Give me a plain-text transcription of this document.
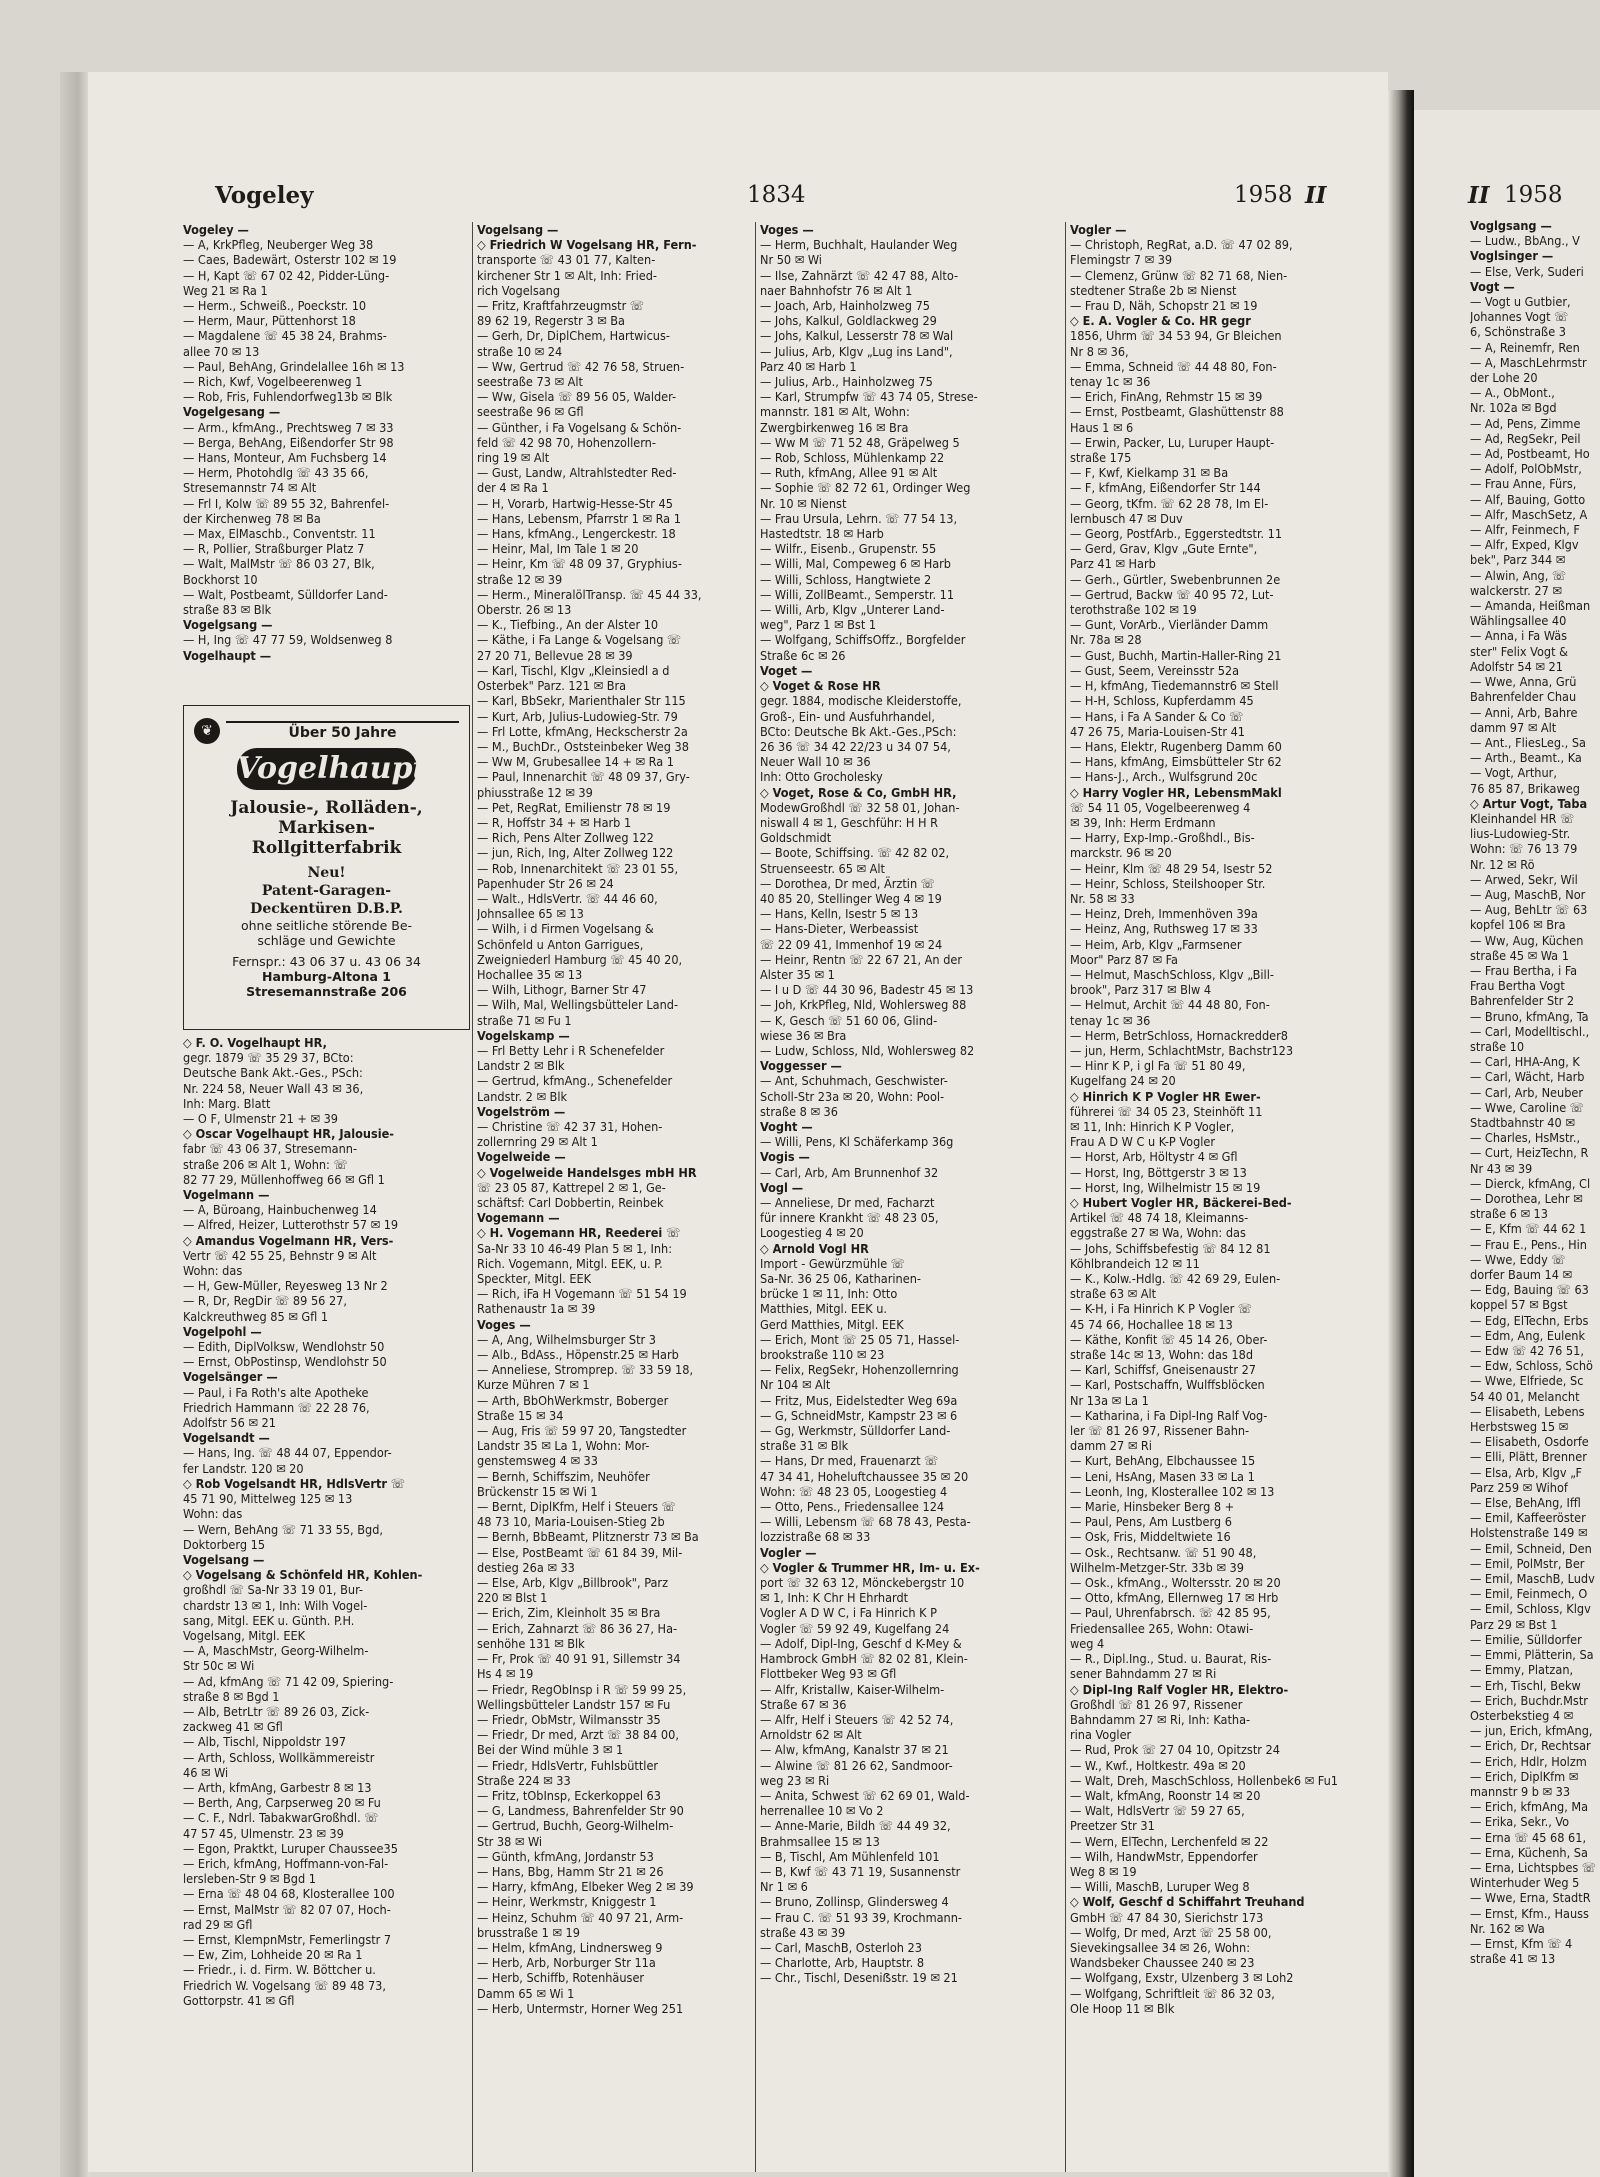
Vogeley	1834	1958 II	II 1958
Vogeley —
— A, KrkPfleg, Neuberger Weg 38
— Caes, Badewärt, Osterstr 102 ✉ 19
— H, Kapt ☏ 67 02 42, Pidder-Lüng-
Weg 21 ✉ Ra 1
— Herm., Schweiß., Poeckstr. 10
— Herm, Maur, Püttenhorst 18
— Magdalene ☏ 45 38 24, Brahms-
allee 70 ✉ 13
— Paul, BehAng, Grindelallee 16h ✉ 13
— Rich, Kwf, Vogelbeerenweg 1
— Rob, Fris, Fuhlendorfweg13b ✉ Blk
Vogelgesang —
— Arm., kfmAng., Prechtsweg 7 ✉ 33
— Berga, BehAng, Eißendorfer Str 98
— Hans, Monteur, Am Fuchsberg 14
— Herm, Photohdlg ☏ 43 35 66,
Stresemannstr 74 ✉ Alt
— Frl I, Kolw ☏ 89 55 32, Bahrenfel-
der Kirchenweg 78 ✉ Ba
— Max, ElMaschb., Conventstr. 11
— R, Pollier, Straßburger Platz 7
— Walt, MalMstr ☏ 86 03 27, Blk,
Bockhorst 10
— Walt, Postbeamt, Sülldorfer Land-
straße 83 ✉ Blk
Vogelgsang —
— H, Ing ☏ 47 77 59, Woldsenweg 8
Vogelhaupt —
◇ F. O. Vogelhaupt HR,
gegr. 1879 ☏ 35 29 37, BCto:
Deutsche Bank Akt.-Ges., PSch:
Nr. 224 58, Neuer Wall 43 ✉ 36,
Inh: Marg. Blatt
— O F, Ulmenstr 21 + ✉ 39
◇ Oscar Vogelhaupt HR, Jalousie-
fabr ☏ 43 06 37, Stresemann-
straße 206 ✉ Alt 1, Wohn: ☏
82 77 29, Müllenhoffweg 66 ✉ Gfl 1
Vogelmann —
— A, Büroang, Hainbuchenweg 14
— Alfred, Heizer, Lutterothstr 57 ✉ 19
◇ Amandus Vogelmann HR, Vers-
Vertr ☏ 42 55 25, Behnstr 9 ✉ Alt
Wohn: das
— H, Gew-Müller, Reyesweg 13 Nr 2
— R, Dr, RegDir ☏ 89 56 27,
Kalckreuthweg 85 ✉ Gfl 1
Vogelpohl —
— Edith, DiplVolksw, Wendlohstr 50
— Ernst, ObPostinsp, Wendlohstr 50
Vogelsänger —
— Paul, i Fa Roth's alte Apotheke
Friedrich Hammann ☏ 22 28 76,
Adolfstr 56 ✉ 21
Vogelsandt —
— Hans, Ing. ☏ 48 44 07, Eppendor-
fer Landstr. 120 ✉ 20
◇ Rob Vogelsandt HR, HdlsVertr ☏
45 71 90, Mittelweg 125 ✉ 13
Wohn: das
— Wern, BehAng ☏ 71 33 55, Bgd,
Doktorberg 15
Vogelsang —
◇ Vogelsang & Schönfeld HR, Kohlen-
großhdl ☏ Sa-Nr 33 19 01, Bur-
chardstr 13 ✉ 1, Inh: Wilh Vogel-
sang, Mitgl. EEK u. Günth. P.H.
Vogelsang, Mitgl. EEK
— A, MaschMstr, Georg-Wilhelm-
Str 50c ✉ Wi
— Ad, kfmAng ☏ 71 42 09, Spiering-
straße 8 ✉ Bgd 1
— Alb, BetrLtr ☏ 89 26 03, Zick-
zackweg 41 ✉ Gfl
— Alb, Tischl, Nippoldstr 197
— Arth, Schloss, Wollkämmereistr
46 ✉ Wi
— Arth, kfmAng, Garbestr 8 ✉ 13
— Berth, Ang, Carpserweg 20 ✉ Fu
— C. F., Ndrl. TabakwarGroßhdl. ☏
47 57 45, Ulmenstr. 23 ✉ 39
— Egon, Praktkt, Luruper Chaussee35
— Erich, kfmAng, Hoffmann-von-Fal-
lersleben-Str 9 ✉ Bgd 1
— Erna ☏ 48 04 68, Klosterallee 100
— Ernst, MalMstr ☏ 82 07 07, Hoch-
rad 29 ✉ Gfl
— Ernst, KlempnMstr, Femerlingstr 7
— Ew, Zim, Lohheide 20 ✉ Ra 1
— Friedr., i. d. Firm. W. Böttcher u.
Friedrich W. Vogelsang ☏ 89 48 73,
Gottorpstr. 41 ✉ Gfl
Vogelsang —
◇ Friedrich W Vogelsang HR, Fern-
transporte ☏ 43 01 77, Kalten-
kirchener Str 1 ✉ Alt, Inh: Fried-
rich Vogelsang
— Fritz, Kraftfahrzeugmstr ☏
89 62 19, Regerstr 3 ✉ Ba
— Gerh, Dr, DiplChem, Hartwicus-
straße 10 ✉ 24
— Ww, Gertrud ☏ 42 76 58, Struen-
seestraße 73 ✉ Alt
— Ww, Gisela ☏ 89 56 05, Walder-
seestraße 96 ✉ Gfl
— Günther, i Fa Vogelsang & Schön-
feld ☏ 42 98 70, Hohenzollern-
ring 19 ✉ Alt
— Gust, Landw, Altrahlstedter Red-
der 4 ✉ Ra 1
— H, Vorarb, Hartwig-Hesse-Str 45
— Hans, Lebensm, Pfarrstr 1 ✉ Ra 1
— Hans, kfmAng., Lengerckestr. 18
— Heinr, Mal, Im Tale 1 ✉ 20
— Heinr, Km ☏ 48 09 37, Gryphius-
straße 12 ✉ 39
— Herm., MineralölTransp. ☏ 45 44 33,
Oberstr. 26 ✉ 13
— K., Tiefbing., An der Alster 10
— Käthe, i Fa Lange & Vogelsang ☏
27 20 71, Bellevue 28 ✉ 39
— Karl, Tischl, Klgv „Kleinsiedl a d
Osterbek" Parz. 121 ✉ Bra
— Karl, BbSekr, Marienthaler Str 115
— Kurt, Arb, Julius-Ludowieg-Str. 79
— Frl Lotte, kfmAng, Heckscherstr 2a
— M., BuchDr., Oststeinbeker Weg 38
— Ww M, Grubesallee 14 + ✉ Ra 1
— Paul, Innenarchit ☏ 48 09 37, Gry-
phiusstraße 12 ✉ 39
— Pet, RegRat, Emilienstr 78 ✉ 19
— R, Hoffstr 34 + ✉ Harb 1
— Rich, Pens Alter Zollweg 122
— jun, Rich, Ing, Alter Zollweg 122
— Rob, Innenarchitekt ☏ 23 01 55,
Papenhuder Str 26 ✉ 24
— Walt., HdlsVertr. ☏ 44 46 60,
Johnsallee 65 ✉ 13
— Wilh, i d Firmen Vogelsang &
Schönfeld u Anton Garrigues,
Zweigniederl Hamburg ☏ 45 40 20,
Hochallee 35 ✉ 13
— Wilh, Lithogr, Barner Str 47
— Wilh, Mal, Wellingsbütteler Land-
straße 71 ✉ Fu 1
Vogelskamp —
— Frl Betty Lehr i R Schenefelder
Landstr 2 ✉ Blk
— Gertrud, kfmAng., Schenefelder
Landstr. 2 ✉ Blk
Vogelström —
— Christine ☏ 42 37 31, Hohen-
zollernring 29 ✉ Alt 1
Vogelweide —
◇ Vogelweide Handelsges mbH HR
☏ 23 05 87, Kattrepel 2 ✉ 1, Ge-
schäftsf: Carl Dobbertin, Reinbek
Vogemann —
◇ H. Vogemann HR, Reederei ☏
Sa-Nr 33 10 46-49 Plan 5 ✉ 1, Inh:
Rich. Vogemann, Mitgl. EEK, u. P.
Speckter, Mitgl. EEK
— Rich, iFa H Vogemann ☏ 51 54 19
Rathenaustr 1a ✉ 39
Voges —
— A, Ang, Wilhelmsburger Str 3
— Alb., BdAss., Höpenstr.25 ✉ Harb
— Anneliese, Stromprep. ☏ 33 59 18,
Kurze Mühren 7 ✉ 1
— Arth, BbOhWerkmstr, Boberger
Straße 15 ✉ 34
— Aug, Fris ☏ 59 97 20, Tangstedter
Landstr 35 ✉ La 1, Wohn: Mor-
genstemsweg 4 ✉ 33
— Bernh, Schiffszim, Neuhöfer
Brückenstr 15 ✉ Wi 1
— Bernt, DiplKfm, Helf i Steuers ☏
48 73 10, Maria-Louisen-Stieg 2b
— Bernh, BbBeamt, Plitznerstr 73 ✉ Ba
— Else, PostBeamt ☏ 61 84 39, Mil-
destieg 26a ✉ 33
— Else, Arb, Klgv „Billbrook", Parz
220 ✉ Blst 1
— Erich, Zim, Kleinholt 35 ✉ Bra
— Erich, Zahnarzt ☏ 86 36 27, Ha-
senhöhe 131 ✉ Blk
— Fr, Prok ☏ 40 91 91, Sillemstr 34
Hs 4 ✉ 19
— Friedr, RegObInsp i R ☏ 59 99 25,
Wellingsbütteler Landstr 157 ✉ Fu
— Friedr, ObMstr, Wilmansstr 35
— Friedr, Dr med, Arzt ☏ 38 84 00,
Bei der Wind mühle 3 ✉ 1
— Friedr, HdlsVertr, Fuhlsbüttler
Straße 224 ✉ 33
— Fritz, tObInsp, Eckerkoppel 63
— G, Landmess, Bahrenfelder Str 90
— Gertrud, Buchh, Georg-Wilhelm-
Str 38 ✉ Wi
— Günth, kfmAng, Jordanstr 53
— Hans, Bbg, Hamm Str 21 ✉ 26
— Harry, kfmAng, Elbeker Weg 2 ✉ 39
— Heinr, Werkmstr, Kniggestr 1
— Heinz, Schuhm ☏ 40 97 21, Arm-
brusstraße 1 ✉ 19
— Helm, kfmAng, Lindnersweg 9
— Herb, Arb, Norburger Str 11a
— Herb, Schiffb, Rotenhäuser
Damm 65 ✉ Wi 1
— Herb, Untermstr, Horner Weg 251
Voges —
— Herm, Buchhalt, Haulander Weg
Nr 50 ✉ Wi
— Ilse, Zahnärzt ☏ 42 47 88, Alto-
naer Bahnhofstr 76 ✉ Alt 1
— Joach, Arb, Hainholzweg 75
— Johs, Kalkul, Goldlackweg 29
— Johs, Kalkul, Lesserstr 78 ✉ Wal
— Julius, Arb, Klgv „Lug ins Land",
Parz 40 ✉ Harb 1
— Julius, Arb., Hainholzweg 75
— Karl, Strumpfw ☏ 43 74 05, Strese-
mannstr. 181 ✉ Alt, Wohn:
Zwergbirkenweg 16 ✉ Bra
— Ww M ☏ 71 52 48, Gräpelweg 5
— Rob, Schloss, Mühlenkamp 22
— Ruth, kfmAng, Allee 91 ✉ Alt
— Sophie ☏ 82 72 61, Ordinger Weg
Nr. 10 ✉ Nienst
— Frau Ursula, Lehrn. ☏ 77 54 13,
Hastedtstr. 18 ✉ Harb
— Wilfr., Eisenb., Grupenstr. 55
— Willi, Mal, Compeweg 6 ✉ Harb
— Willi, Schloss, Hangtwiete 2
— Willi, ZollBeamt., Semperstr. 11
— Willi, Arb, Klgv „Unterer Land-
weg", Parz 1 ✉ Bst 1
— Wolfgang, SchiffsOffz., Borgfelder
Straße 6c ✉ 26
Voget —
◇ Voget & Rose HR
gegr. 1884, modische Kleiderstoffe,
Groß-, Ein- und Ausfuhrhandel,
BCto: Deutsche Bk Akt.-Ges.,PSch:
26 36 ☏ 34 42 22/23 u 34 07 54,
Neuer Wall 10 ✉ 36
Inh: Otto Grocholesky
◇ Voget, Rose & Co, GmbH HR,
ModewGroßhdl ☏ 32 58 01, Johan-
niswall 4 ✉ 1, Geschführ: H H R
Goldschmidt
— Boote, Schiffsing. ☏ 42 82 02,
Struenseestr. 65 ✉ Alt
— Dorothea, Dr med, Ärztin ☏
40 85 20, Stellinger Weg 4 ✉ 19
— Hans, Kelln, Isestr 5 ✉ 13
— Hans-Dieter, Werbeassist
☏ 22 09 41, Immenhof 19 ✉ 24
— Heinr, Rentn ☏ 22 67 21, An der
Alster 35 ✉ 1
— I u D ☏ 44 30 96, Badestr 45 ✉ 13
— Joh, KrkPfleg, Nld, Wohlersweg 88
— K, Gesch ☏ 51 60 06, Glind-
wiese 36 ✉ Bra
— Ludw, Schloss, Nld, Wohlersweg 82
Voggesser —
— Ant, Schuhmach, Geschwister-
Scholl-Str 23a ✉ 20, Wohn: Pool-
straße 8 ✉ 36
Voght —
— Willi, Pens, Kl Schäferkamp 36g
Vogis —
— Carl, Arb, Am Brunnenhof 32
Vogl —
— Anneliese, Dr med, Facharzt
für innere Krankht ☏ 48 23 05,
Loogestieg 4 ✉ 20
◇ Arnold Vogl HR
Import - Gewürzmühle ☏
Sa-Nr. 36 25 06, Katharinen-
brücke 1 ✉ 11, Inh: Otto
Matthies, Mitgl. EEK u.
Gerd Matthies, Mitgl. EEK
— Erich, Mont ☏ 25 05 71, Hassel-
brookstraße 110 ✉ 23
— Felix, RegSekr, Hohenzollernring
Nr 104 ✉ Alt
— Fritz, Mus, Eidelstedter Weg 69a
— G, SchneidMstr, Kampstr 23 ✉ 6
— Gg, Werkmstr, Sülldorfer Land-
straße 31 ✉ Blk
— Hans, Dr med, Frauenarzt ☏
47 34 41, Hoheluftchaussee 35 ✉ 20
Wohn: ☏ 48 23 05, Loogestieg 4
— Otto, Pens., Friedensallee 124
— Willi, Lebensm ☏ 68 78 43, Pesta-
lozzistraße 68 ✉ 33
Vogler —
◇ Vogler & Trummer HR, Im- u. Ex-
port ☏ 32 63 12, Mönckebergstr 10
✉ 1, Inh: K Chr H Ehrhardt
Vogler A D W C, i Fa Hinrich K P
Vogler ☏ 59 92 49, Kugelfang 24
— Adolf, Dipl-Ing, Geschf d K-Mey &
Hambrock GmbH ☏ 82 02 81, Klein-
Flottbeker Weg 93 ✉ Gfl
— Alfr, Kristallw, Kaiser-Wilhelm-
Straße 67 ✉ 36
— Alfr, Helf i Steuers ☏ 42 52 74,
Arnoldstr 62 ✉ Alt
— Alw, kfmAng, Kanalstr 37 ✉ 21
— Alwine ☏ 81 26 62, Sandmoor-
weg 23 ✉ Ri
— Anita, Schwest ☏ 62 69 01, Wald-
herrenallee 10 ✉ Vo 2
— Anne-Marie, Bildh ☏ 44 49 32,
Brahmsallee 15 ✉ 13
— B, Tischl, Am Mühlenfeld 101
— B, Kwf ☏ 43 71 19, Susannenstr
Nr 1 ✉ 6
— Bruno, Zollinsp, Glindersweg 4
— Frau C. ☏ 51 93 39, Krochmann-
straße 43 ✉ 39
— Carl, MaschB, Osterloh 23
— Charlotte, Arb, Hauptstr. 8
— Chr., Tischl, Deseniẞstr. 19 ✉ 21
Vogler —
— Christoph, RegRat, a.D. ☏ 47 02 89,
Flemingstr 7 ✉ 39
— Clemenz, Grünw ☏ 82 71 68, Nien-
stedtener Straße 2b ✉ Nienst
— Frau D, Näh, Schopstr 21 ✉ 19
◇ E. A. Vogler & Co. HR gegr
1856, Uhrm ☏ 34 53 94, Gr Bleichen
Nr 8 ✉ 36,
— Emma, Schneid ☏ 44 48 80, Fon-
tenay 1c ✉ 36
— Erich, FinAng, Rehmstr 15 ✉ 39
— Ernst, Postbeamt, Glashüttenstr 88
Haus 1 ✉ 6
— Erwin, Packer, Lu, Luruper Haupt-
straße 175
— F, Kwf, Kielkamp 31 ✉ Ba
— F, kfmAng, Eißendorfer Str 144
— Georg, tKfm. ☏ 62 28 78, Im El-
lernbusch 47 ✉ Duv
— Georg, PostfArb., Eggerstedtstr. 11
— Gerd, Grav, Klgv „Gute Ernte",
Parz 41 ✉ Harb
— Gerh., Gürtler, Swebenbrunnen 2e
— Gertrud, Backw ☏ 40 95 72, Lut-
terothstraße 102 ✉ 19
— Gunt, VorArb., Vierländer Damm
Nr. 78a ✉ 28
— Gust, Buchh, Martin-Haller-Ring 21
— Gust, Seem, Vereinsstr 52a
— H, kfmAng, Tiedemannstr6 ✉ Stell
— H-H, Schloss, Kupferdamm 45
— Hans, i Fa A Sander & Co ☏
47 26 75, Maria-Louisen-Str 41
— Hans, Elektr, Rugenberg Damm 60
— Hans, kfmAng, Eimsbütteler Str 62
— Hans-J., Arch., Wulfsgrund 20c
◇ Harry Vogler HR, LebensmMakl
☏ 54 11 05, Vogelbeerenweg 4
✉ 39, Inh: Herm Erdmann
— Harry, Exp-Imp.-Großhdl., Bis-
marckstr. 96 ✉ 20
— Heinr, Klm ☏ 48 29 54, Isestr 52
— Heinr, Schloss, Steilshooper Str.
Nr. 58 ✉ 33
— Heinz, Dreh, Immenhöven 39a
— Heinz, Ang, Ruthsweg 17 ✉ 33
— Heim, Arb, Klgv „Farmsener
Moor" Parz 87 ✉ Fa
— Helmut, MaschSchloss, Klgv „Bill-
brook", Parz 317 ✉ Blw 4
— Helmut, Archit ☏ 44 48 80, Fon-
tenay 1c ✉ 36
— Herm, BetrSchloss, Hornackredder8
— jun, Herm, SchlachtMstr, Bachstr123
— Hinr K P, i gl Fa ☏ 51 80 49,
Kugelfang 24 ✉ 20
◇ Hinrich K P Vogler HR Ewer-
führerei ☏ 34 05 23, Steinhöft 11
✉ 11, Inh: Hinrich K P Vogler,
Frau A D W C u K-P Vogler
— Horst, Arb, Höltystr 4 ✉ Gfl
— Horst, Ing, Böttgerstr 3 ✉ 13
— Horst, Ing, Wilhelmistr 15 ✉ 19
◇ Hubert Vogler HR, Bäckerei-Bed-
Artikel ☏ 48 74 18, Kleimanns-
eggstraße 27 ✉ Wa, Wohn: das
— Johs, Schiffsbefestig ☏ 84 12 81
Köhlbrandeich 12 ✉ 11
— K., Kolw.-Hdlg. ☏ 42 69 29, Eulen-
straße 63 ✉ Alt
— K-H, i Fa Hinrich K P Vogler ☏
45 74 66, Hochallee 18 ✉ 13
— Käthe, Konfit ☏ 45 14 26, Ober-
straße 14c ✉ 13, Wohn: das 18d
— Karl, Schiffsf, Gneisenaustr 27
— Karl, Postschaffn, Wulffsblöcken
Nr 13a ✉ La 1
— Katharina, i Fa Dipl-Ing Ralf Vog-
ler ☏ 81 26 97, Rissener Bahn-
damm 27 ✉ Ri
— Kurt, BehAng, Elbchaussee 15
— Leni, HsAng, Masen 33 ✉ La 1
— Leonh, Ing, Klosterallee 102 ✉ 13
— Marie, Hinsbeker Berg 8 +
— Paul, Pens, Am Lustberg 6
— Osk, Fris, Middeltwiete 16
— Osk., Rechtsanw. ☏ 51 90 48,
Wilhelm-Metzger-Str. 33b ✉ 39
— Osk., kfmAng., Woltersstr. 20 ✉ 20
— Otto, kfmAng, Ellernweg 17 ✉ Hrb
— Paul, Uhrenfabrsch. ☏ 42 85 95,
Friedensallee 265, Wohn: Otawi-
weg 4
— R., Dipl.Ing., Stud. u. Baurat, Ris-
sener Bahndamm 27 ✉ Ri
◇ Dipl-Ing Ralf Vogler HR, Elektro-
Großhdl ☏ 81 26 97, Rissener
Bahndamm 27 ✉ Ri, Inh: Katha-
rina Vogler
— Rud, Prok ☏ 27 04 10, Opitzstr 24
— W., Kwf., Holtkestr. 49a ✉ 20
— Walt, Dreh, MaschSchloss, Hollenbek6 ✉ Fu1
— Walt, kfmAng, Roonstr 14 ✉ 20
— Walt, HdlsVertr ☏ 59 27 65,
Preetzer Str 31
— Wern, ElTechn, Lerchenfeld ✉ 22
— Wilh, HandwMstr, Eppendorfer
Weg 8 ✉ 19
— Willi, MaschB, Luruper Weg 8
◇ Wolf, Geschf d Schiffahrt Treuhand
GmbH ☏ 47 84 30, Sierichstr 173
— Wolfg, Dr med, Arzt ☏ 25 58 00,
Sievekingsallee 34 ✉ 26, Wohn:
Wandsbeker Chaussee 240 ✉ 23
— Wolfgang, Exstr, Ulzenberg 3 ✉ Loh2
— Wolfgang, Schriftleit ☏ 86 32 03,
Ole Hoop 11 ✉ Blk
Voglgsang —
— Ludw., BbAng., V
Voglsinger —
— Else, Verk, Suderi
Vogt —
— Vogt u Gutbier,
Johannes Vogt ☏
6, Schönstraße 3
— A, Reinemfr, Ren
— A, MaschLehrmstr
der Lohe 20
— A., ObMont.,
Nr. 102a ✉ Bgd
— Ad, Pens, Zimme
— Ad, RegSekr, Peil
— Ad, Postbeamt, Ho
— Adolf, PolObMstr,
— Frau Anne, Fürs,
— Alf, Bauing, Gotto
— Alfr, MaschSetz, A
— Alfr, Feinmech, F
— Alfr, Exped, Klgv
bek", Parz 344 ✉
— Alwin, Ang, ☏
walckerstr. 27 ✉
— Amanda, Heißman
Wählingsallee 40
— Anna, i Fa Wäs
ster" Felix Vogt &
Adolfstr 54 ✉ 21
— Wwe, Anna, Grü
Bahrenfelder Chau
— Anni, Arb, Bahre
damm 97 ✉ Alt
— Ant., FliesLeg., Sa
— Arth., Beamt., Ka
— Vogt, Arthur,
76 85 87, Brikaweg
◇ Artur Vogt, Taba
Kleinhandel HR ☏
lius-Ludowieg-Str.
Wohn: ☏ 76 13 79
Nr. 12 ✉ Rö
— Arwed, Sekr, Wil
— Aug, MaschB, Nor
— Aug, BehLtr ☏ 63
kopfel 106 ✉ Bra
— Ww, Aug, Küchen
straße 45 ✉ Wa 1
— Frau Bertha, i Fa
Frau Bertha Vogt
Bahrenfelder Str 2
— Bruno, kfmAng, Ta
— Carl, Modelltischl.,
straße 10
— Carl, HHA-Ang, K
— Carl, Wächt, Harb
— Carl, Arb, Neuber
— Wwe, Caroline ☏
Stadtbahnstr 40 ✉
— Charles, HsMstr.,
— Curt, HeizTechn, R
Nr 43 ✉ 39
— Dierck, kfmAng, Cl
— Dorothea, Lehr ✉
straße 6 ✉ 13
— E, Kfm ☏ 44 62 1
— Frau E., Pens., Hin
— Wwe, Eddy ☏
dorfer Baum 14 ✉
— Edg, Bauing ☏ 63
koppel 57 ✉ Bgst
— Edg, ElTechn, Erbs
— Edm, Ang, Eulenk
— Edw ☏ 42 76 51,
— Edw, Schloss, Schö
— Wwe, Elfriede, Sc
54 40 01, Melancht
— Elisabeth, Lebens
Herbstsweg 15 ✉
— Elisabeth, Osdorfe
— Elli, Plätt, Brenner
— Elsa, Arb, Klgv „F
Parz 259 ✉ Wihof
— Else, BehAng, Iffl
— Emil, Kaffeeröster
Holstenstraße 149 ✉
— Emil, Schneid, Den
— Emil, PolMstr, Ber
— Emil, MaschB, Ludv
— Emil, Feinmech, O
— Emil, Schloss, Klgv
Parz 29 ✉ Bst 1
— Emilie, Sülldorfer
— Emmi, Plätterin, Sa
— Emmy, Platzan,
— Erh, Tischl, Bekw
— Erich, Buchdr.Mstr
Osterbekstieg 4 ✉
— jun, Erich, kfmAng,
— Erich, Dr, Rechtsar
— Erich, Hdlr, Holzm
— Erich, DiplKfm ✉
mannstr 9 b ✉ 33
— Erich, kfmAng, Ma
— Erika, Sekr., Vo
— Erna ☏ 45 68 61,
— Erna, Küchenh, Sa
— Erna, Lichtspbes ☏
Winterhuder Weg 5
— Wwe, Erna, StadtR
— Ernst, Kfm., Hauss
Nr. 162 ✉ Wa
— Ernst, Kfm ☏ 4
straße 41 ✉ 13
❦	Über 50 Jahre
Vogelhaupt
Jalousie-, Rolläden-,
Markisen-
Rollgitterfabrik
Neu!
Patent-Garagen-
Deckentüren D.B.P.
ohne seitliche störende Be-
schläge und Gewichte
Fernspr.: 43 06 37 u. 43 06 34
Hamburg-Altona 1
Stresemannstraße 206
